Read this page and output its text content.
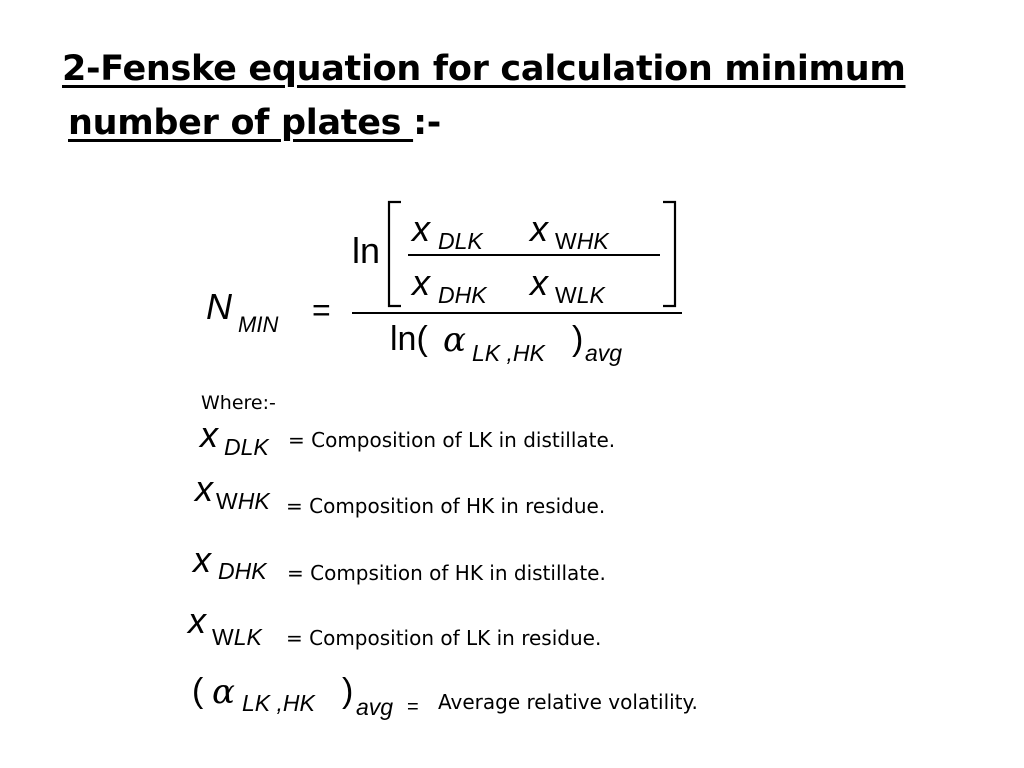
2-Fenske equation for calculation minimum
number of plates :-
N MIN =
ln
x DLK x WHK
x DHK x WLK
ln( α LK ,HK ) avg
Where:-
x DLK = Composition of LK in distillate.
x WHK = Composition of HK in residue.
x DHK = Compsition of HK in distillate.
x WLK = Composition of LK in residue.
( α LK ,HK ) avg = Average relative volatility.
